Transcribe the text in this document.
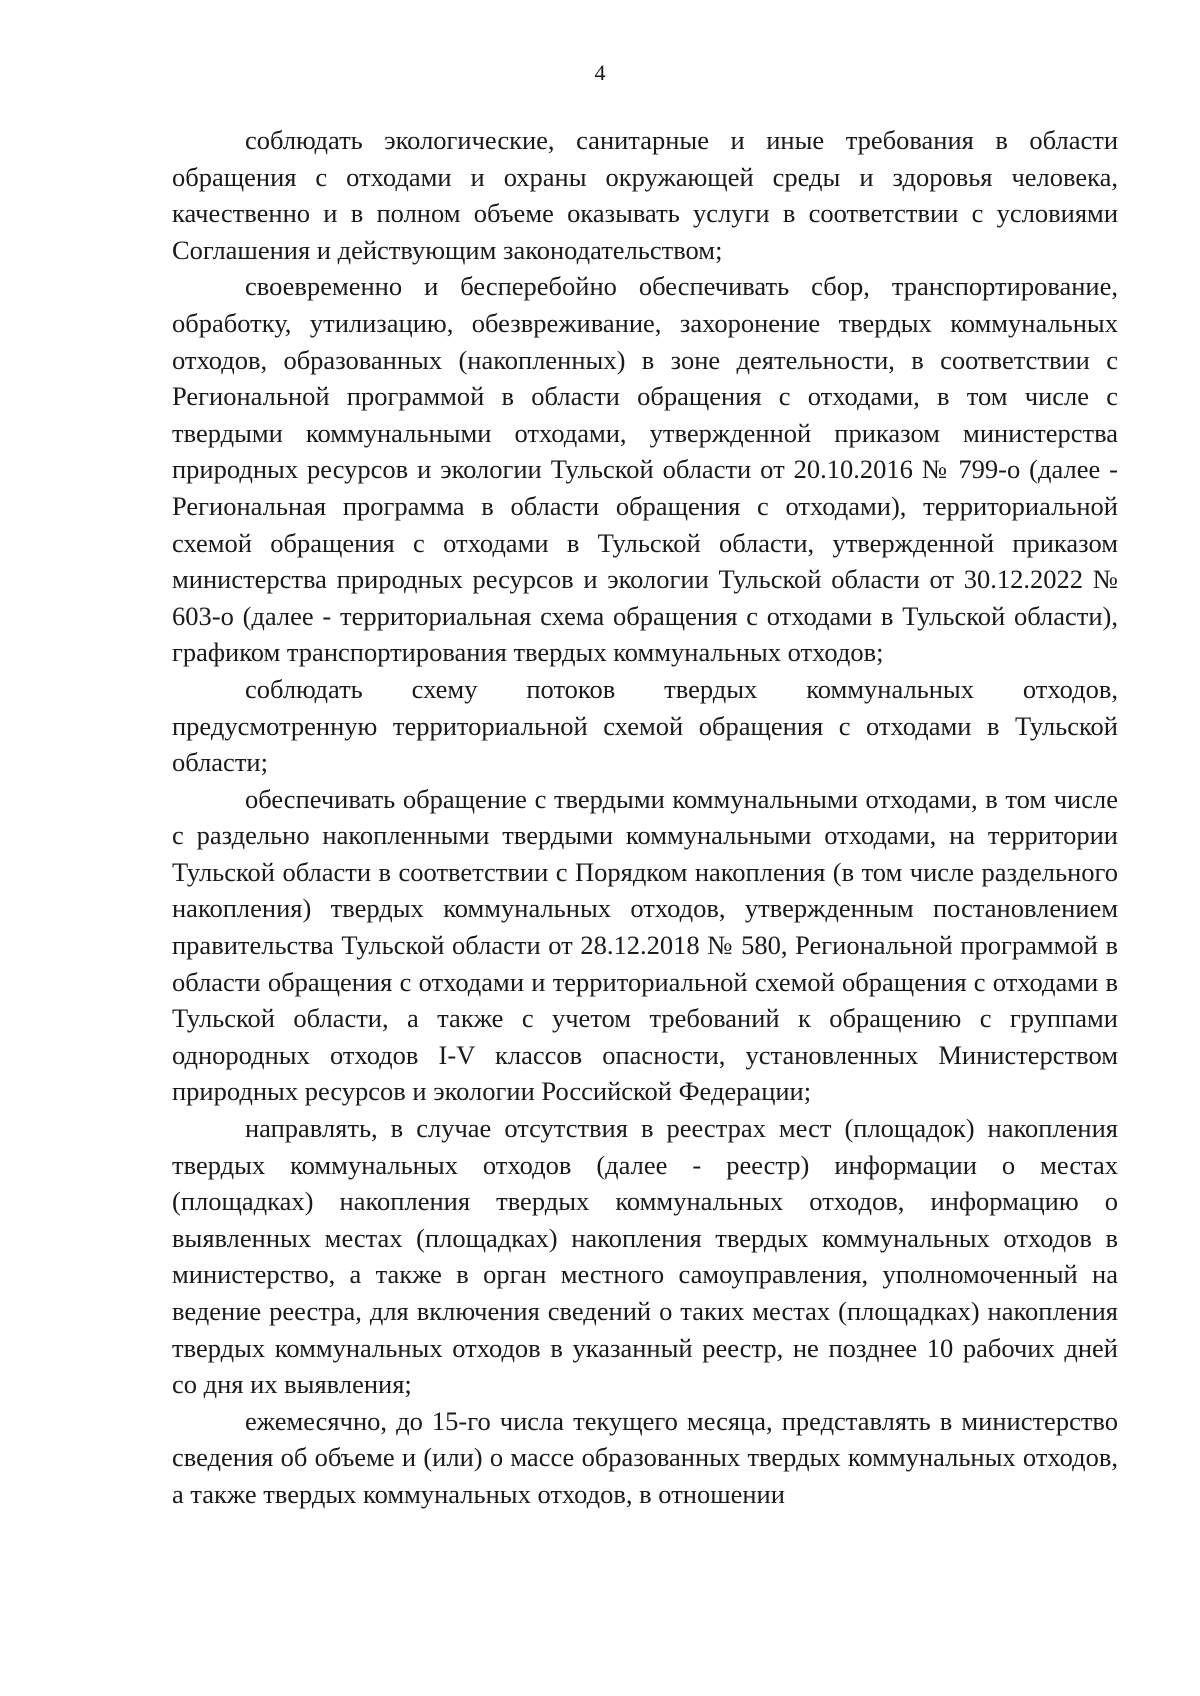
4

соблюдать экологические, санитарные и иные требования в области обращения с отходами и охраны окружающей среды и здоровья человека, качественно и в полном объеме оказывать услуги в соответствии с условиями Соглашения и действующим законодательством;

своевременно и бесперебойно обеспечивать сбор, транспортирование, обработку, утилизацию, обезвреживание, захоронение твердых коммунальных отходов, образованных (накопленных) в зоне деятельности, в соответствии с Региональной программой в области обращения с отходами, в том числе с твердыми коммунальными отходами, утвержденной приказом министерства природных ресурсов и экологии Тульской области от 20.10.2016 № 799-о (далее - Региональная программа в области обращения с отходами), территориальной схемой обращения с отходами в Тульской области, утвержденной приказом министерства природных ресурсов и экологии Тульской области от 30.12.2022 № 603-о (далее - территориальная схема обращения с отходами в Тульской области), графиком транспортирования твердых коммунальных отходов;

соблюдать схему потоков твердых коммунальных отходов, предусмотренную территориальной схемой обращения с отходами в Тульской области;

обеспечивать обращение с твердыми коммунальными отходами, в том числе с раздельно накопленными твердыми коммунальными отходами, на территории Тульской области в соответствии с Порядком накопления (в том числе раздельного накопления) твердых коммунальных отходов, утвержденным постановлением правительства Тульской области от 28.12.2018 № 580, Региональной программой в области обращения с отходами и территориальной схемой обращения с отходами в Тульской области, а также с учетом требований к обращению с группами однородных отходов I-V классов опасности, установленных Министерством природных ресурсов и экологии Российской Федерации;

направлять, в случае отсутствия в реестрах мест (площадок) накопления твердых коммунальных отходов (далее - реестр) информации о местах (площадках) накопления твердых коммунальных отходов, информацию о выявленных местах (площадках) накопления твердых коммунальных отходов в министерство, а также в орган местного самоуправления, уполномоченный на ведение реестра, для включения сведений о таких местах (площадках) накопления твердых коммунальных отходов в указанный реестр, не позднее 10 рабочих дней со дня их выявления;

ежемесячно, до 15-го числа текущего месяца, представлять в министерство сведения об объеме и (или) о массе образованных твердых коммунальных отходов, а также твердых коммунальных отходов, в отношении
